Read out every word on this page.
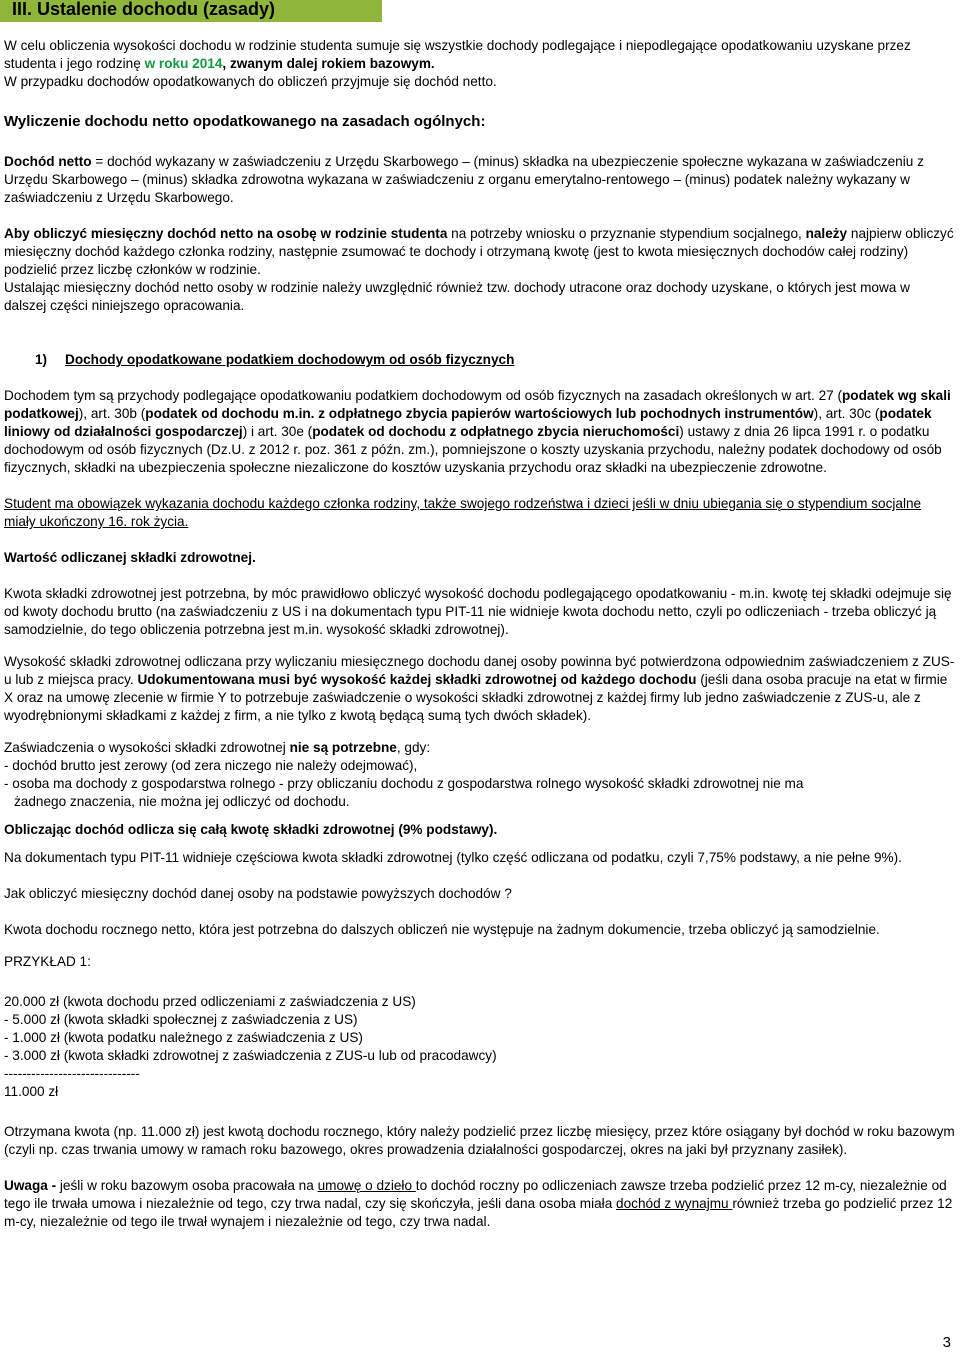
III. Ustalenie dochodu (zasady)

W celu obliczenia wysokości dochodu w rodzinie studenta sumuje się wszystkie dochody podlegające i niepodlegające opodatkowaniu uzyskane przez studenta i jego rodzinę w roku 2014, zwanym dalej rokiem bazowym.

W przypadku dochodów opodatkowanych do obliczeń przyjmuje się dochód netto.

Wyliczenie dochodu netto opodatkowanego na zasadach ogólnych:

Dochód netto = dochód wykazany w zaświadczeniu z Urzędu Skarbowego – (minus) składka na ubezpieczenie społeczne wykazana w zaświadczeniu z Urzędu Skarbowego – (minus) składka zdrowotna wykazana w zaświadczeniu z organu emerytalno-rentowego – (minus) podatek należny wykazany w zaświadczeniu z Urzędu Skarbowego.

Aby obliczyć miesięczny dochód netto na osobę w rodzinie studenta na potrzeby wniosku o przyznanie stypendium socjalnego, należy najpierw obliczyć miesięczny dochód każdego członka rodziny, następnie zsumować te dochody i otrzymaną kwotę (jest to kwota miesięcznych dochodów całej rodziny) podzielić przez liczbę członków w rodzinie.

Ustalając miesięczny dochód netto osoby w rodzinie należy uwzględnić również tzw. dochody utracone oraz dochody uzyskane, o których jest mowa w dalszej części niniejszego opracowania.

1) Dochody opodatkowane podatkiem dochodowym od osób fizycznych

Dochodem tym są przychody podlegające opodatkowaniu podatkiem dochodowym od osób fizycznych na zasadach określonych w art. 27 (podatek wg skali podatkowej), art. 30b (podatek od dochodu m.in. z odpłatnego zbycia papierów wartościowych lub pochodnych instrumentów), art. 30c (podatek liniowy od działalności gospodarczej) i art. 30e (podatek od dochodu z odpłatnego zbycia nieruchomości) ustawy z dnia 26 lipca 1991 r. o podatku dochodowym od osób fizycznych (Dz.U. z 2012 r. poz. 361 z późn. zm.), pomniejszone o koszty uzyskania przychodu, należny podatek dochodowy od osób fizycznych, składki na ubezpieczenia społeczne niezaliczone do kosztów uzyskania przychodu oraz składki na ubezpieczenie zdrowotne.

Student ma obowiązek wykazania dochodu każdego członka rodziny, także swojego rodzeństwa i dzieci jeśli w dniu ubiegania się o stypendium socjalne miały ukończony 16. rok życia.

Wartość odliczanej składki zdrowotnej.

Kwota składki zdrowotnej jest potrzebna, by móc prawidłowo obliczyć wysokość dochodu podlegającego opodatkowaniu - m.in. kwotę tej składki odejmuje się od kwoty dochodu brutto (na zaświadczeniu z US i na dokumentach typu PIT-11 nie widnieje kwota dochodu netto, czyli po odliczeniach - trzeba obliczyć ją samodzielnie, do tego obliczenia potrzebna jest m.in. wysokość składki zdrowotnej).

Wysokość składki zdrowotnej odliczana przy wyliczaniu miesięcznego dochodu danej osoby powinna być potwierdzona odpowiednim zaświadczeniem z ZUS-u lub z miejsca pracy. Udokumentowana musi być wysokość każdej składki zdrowotnej od każdego dochodu (jeśli dana osoba pracuje na etat w firmie X oraz na umowę zlecenie w firmie Y to potrzebuje zaświadczenie o wysokości składki zdrowotnej z każdej firmy lub jedno zaświadczenie z ZUS-u, ale z wyodrębnionymi składkami z każdej z firm, a nie tylko z kwotą będącą sumą tych dwóch składek).

Zaświadczenia o wysokości składki zdrowotnej nie są potrzebne, gdy:

- dochód brutto jest zerowy (od zera niczego nie należy odejmować),

- osoba ma dochody z gospodarstwa rolnego - przy obliczaniu dochodu z gospodarstwa rolnego wysokość składki zdrowotnej nie ma

żadnego znaczenia, nie można jej odliczyć od dochodu.

Obliczając dochód odlicza się całą kwotę składki zdrowotnej (9% podstawy).

Na dokumentach typu PIT-11 widnieje częściowa kwota składki zdrowotnej (tylko część odliczana od podatku, czyli 7,75% podstawy, a nie pełne 9%).

Jak obliczyć miesięczny dochód danej osoby na podstawie powyższych dochodów ?

Kwota dochodu rocznego netto, która jest potrzebna do dalszych obliczeń nie występuje na żadnym dokumencie, trzeba obliczyć ją samodzielnie.

PRZYKŁAD 1:

20.000 zł (kwota dochodu przed odliczeniami z zaświadczenia z US)

- 5.000 zł (kwota składki społecznej z zaświadczenia z US)

- 1.000 zł (kwota podatku należnego z zaświadczenia z US)

- 3.000 zł (kwota składki zdrowotnej z zaświadczenia z ZUS-u lub od pracodawcy)

------------------------------

11.000 zł

Otrzymana kwota (np. 11.000 zł) jest kwotą dochodu rocznego, który należy podzielić przez liczbę miesięcy, przez które osiągany był dochód w roku bazowym (czyli np. czas trwania umowy w ramach roku bazowego, okres prowadzenia działalności gospodarczej, okres na jaki był przyznany zasiłek).

Uwaga - jeśli w roku bazowym osoba pracowała na umowę o dzieło to dochód roczny po odliczeniach zawsze trzeba podzielić przez 12 m-cy, niezależnie od tego ile trwała umowa i niezależnie od tego, czy trwa nadal, czy się skończyła, jeśli dana osoba miała dochód z wynajmu również trzeba go podzielić przez 12 m-cy, niezależnie od tego ile trwał wynajem i niezależnie od tego, czy trwa nadal.

3
